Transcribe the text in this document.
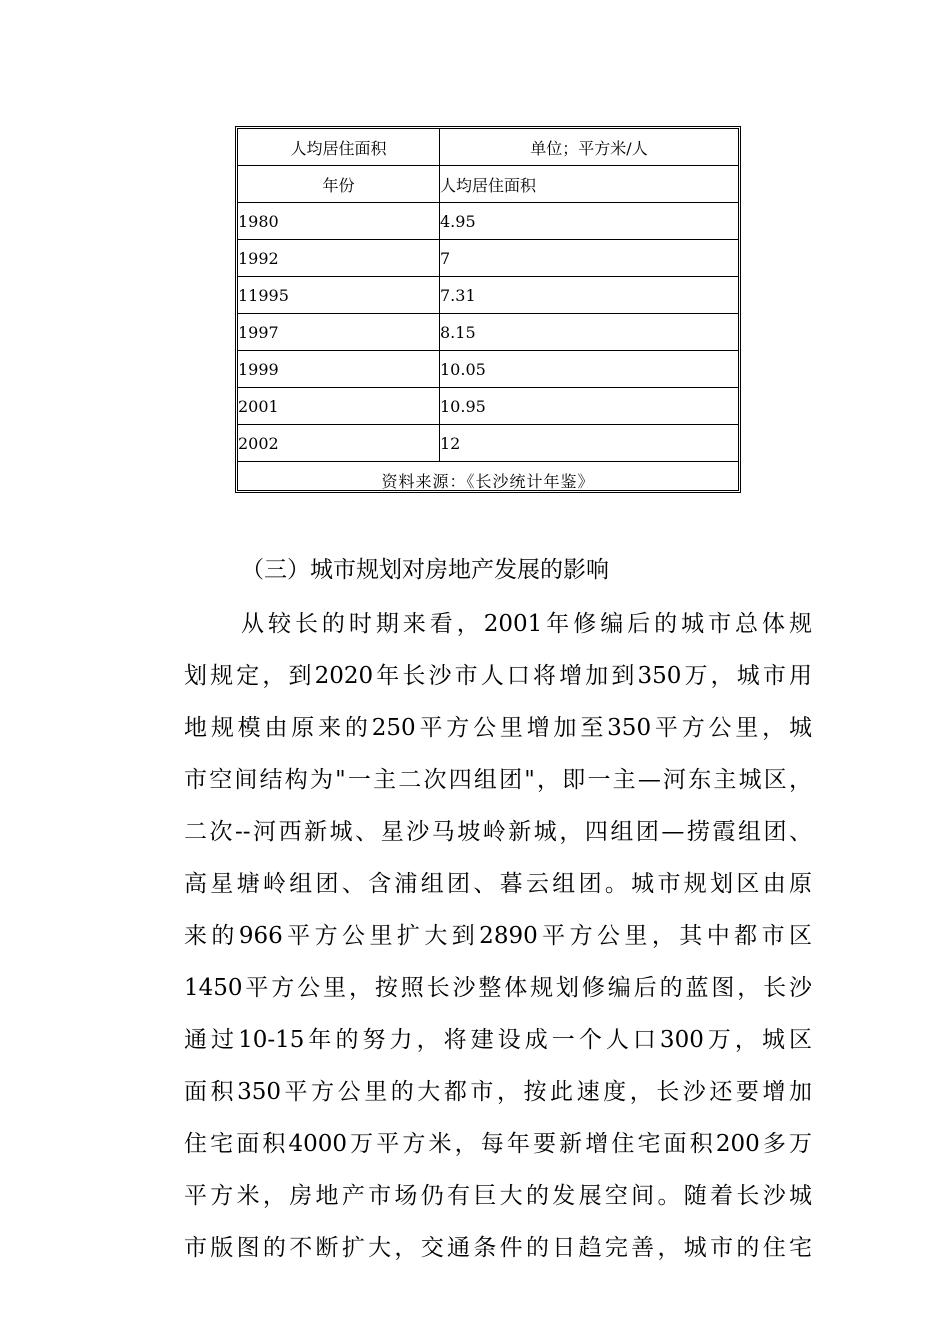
人均居住面积	单位；平方米/人
年份	人均居住面积
1980	4.95
1992	7
11995	7.31
1997	8.15
1999	10.05
2001	10.95
2002	12
资料来源：《长沙统计年鉴》	
（三）城市规划对房地产发展的影响
从较长的时期来看，2001年修编后的城市总体规
划规定，到2020年长沙市人口将增加到350万，城市用
地规模由原来的250平方公里增加至350平方公里，城
市空间结构为"一主二次四组团"，即一主—河东主城区，
二次--河西新城、星沙马坡岭新城，四组团—捞霞组团、
高星塘岭组团、含浦组团、暮云组团。城市规划区由原
来的966平方公里扩大到2890平方公里，其中都市区
1450平方公里，按照长沙整体规划修编后的蓝图，长沙
通过10-15年的努力，将建设成一个人口300万，城区
面积350平方公里的大都市，按此速度，长沙还要增加
住宅面积4000万平方米，每年要新增住宅面积200多万
平方米，房地产市场仍有巨大的发展空间。随着长沙城
市版图的不断扩大，交通条件的日趋完善，城市的住宅
